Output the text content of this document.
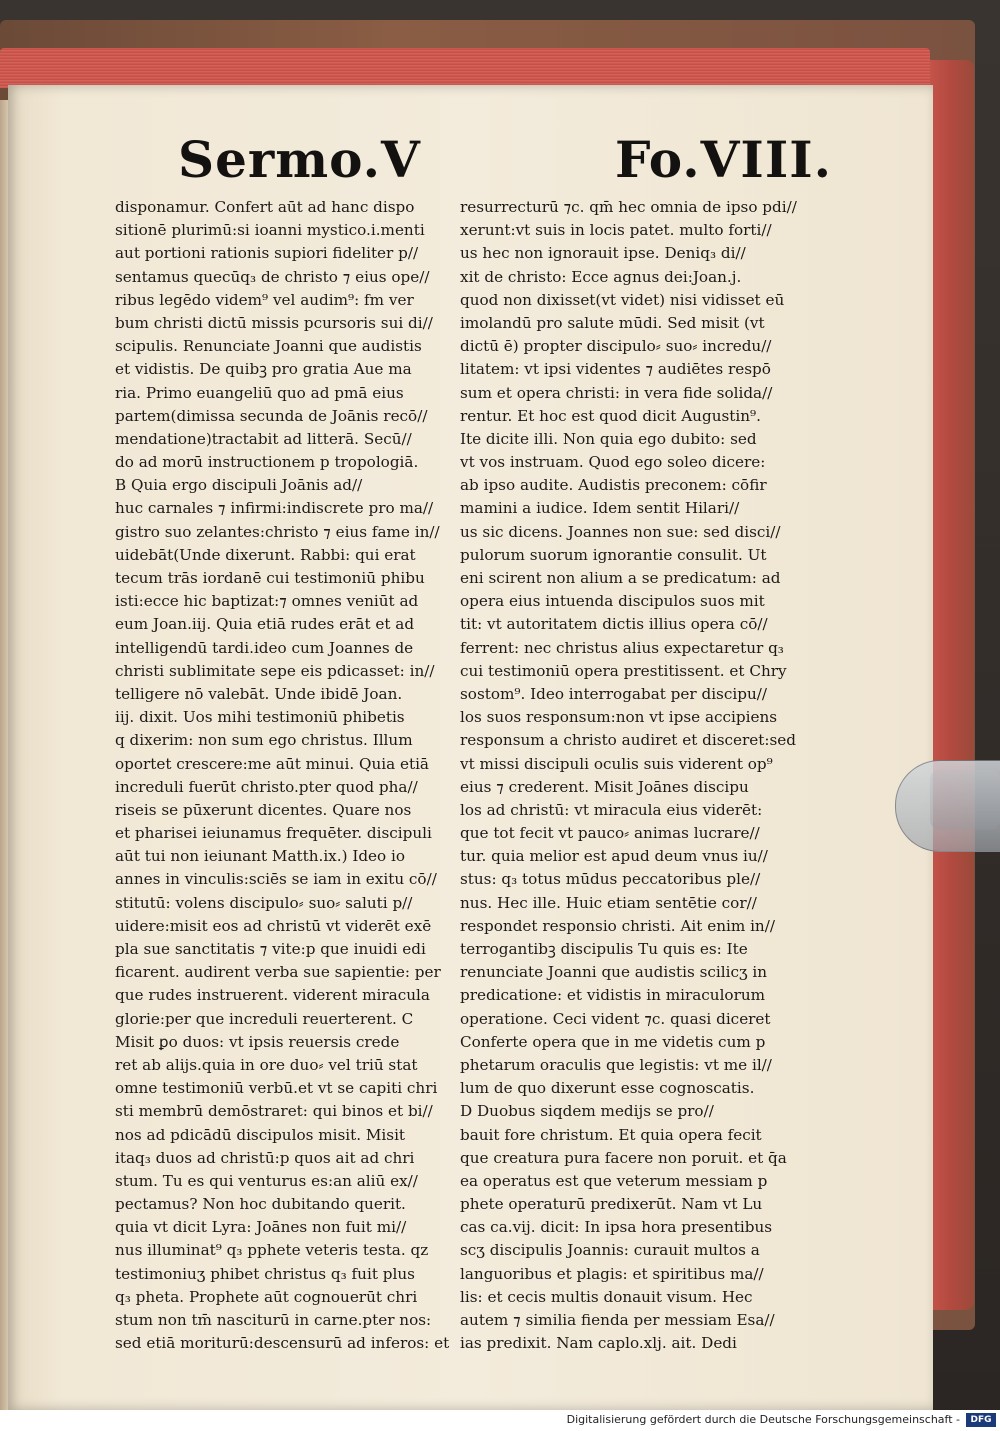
Sermo.V	Fo.VIII.
disponamur. Confert aūt ad hanc dispo
sitionē plurimū:si ioanni mystico.i.menti
aut portioni rationis supiori fideliter p//
sentamus quecūq₃ de christo ⁊ eius ope//
ribus legēdo videm⁹ vel audim⁹: fm ver
bum christi dictū missis pcursoris sui di//
scipulis. Renunciate Joanni que audistis
et vidistis. De quibꝫ pro gratia Aue ma
ria. Primo euangeliū quo ad pmā eius
partem(dimissa secunda de Joānis recō//
mendatione)tractabit ad litterā. Secū//
do ad morū instructionem p tropologiā.
B Quia ergo discipuli Joānis ad//
huc carnales ⁊ infirmi:indiscrete pro ma//
gistro suo zelantes:christo ⁊ eius fame in//
uidebāt(Unde dixerunt. Rabbi: qui erat
tecum trās iordanē cui testimoniū phibu
isti:ecce hic baptizat:⁊ omnes veniūt ad
eum Joan.iij. Quia etiā rudes erāt et ad
intelligendū tardi.ideo cum Joannes de
christi sublimitate sepe eis pdicasset: in//
telligere nō valebāt. Unde ibidē Joan.
iij. dixit. Uos mihi testimoniū phibetis
q dixerim: non sum ego christus. Illum
oportet crescere:me aūt minui. Quia etiā
increduli fuerūt christo.pter quod pha//
riseis se pūxerunt dicentes. Quare nos
et pharisei ieiunamus frequēter. discipuli
aūt tui non ieiunant Matth.ix.) Ideo io
annes in vinculis:sciēs se iam in exitu cō//
stitutū: volens discipulo⸗ suo⸗ saluti p//
uidere:misit eos ad christū vt viderēt exē
pla sue sanctitatis ⁊ vite:p que inuidi edi
ficarent. audirent verba sue sapientie: per
que rudes instruerent. viderent miracula
glorie:per que increduli reuerterent. C
Misit ꝑo duos: vt ipsis reuersis crede
ret ab alijs.quia in ore duo⸗ vel triū stat
omne testimoniū verbū.et vt se capiti chri
sti membrū demōstraret: qui binos et bi//
nos ad pdicādū discipulos misit. Misit
itaq₃ duos ad christū:p quos ait ad chri
stum. Tu es qui venturus es:an aliū ex//
pectamus? Non hoc dubitando querit.
quia vt dicit Lyra: Joānes non fuit mi//
nus illuminat⁹ q₃ pphete veteris testa. qz
testimoniuʒ phibet christus q₃ fuit plus
q₃ pheta. Prophete aūt cognouerūt chri
stum non tm̄ nasciturū in carne.pter nos:
sed etiā moriturū:descensurū ad inferos: et
resurrecturū ⁊c. qm̄ hec omnia de ipso pdi//
xerunt:vt suis in locis patet. multo forti//
us hec non ignorauit ipse. Deniq₃ di//
xit de christo: Ecce agnus dei:Joan.j.
quod non dixisset(vt videt) nisi vidisset eū
imolandū pro salute mūdi. Sed misit (vt
dictū ē) propter discipulo⸗ suo⸗ incredu//
litatem: vt ipsi videntes ⁊ audiētes respō
sum et opera christi: in vera fide solida//
rentur. Et hoc est quod dicit Augustin⁹.
Ite dicite illi. Non quia ego dubito: sed
vt vos instruam. Quod ego soleo dicere:
ab ipso audite. Audistis preconem: cōfir
mamini a iudice. Idem sentit Hilari//
us sic dicens. Joannes non sue: sed disci//
pulorum suorum ignorantie consulit. Ut
eni scirent non alium a se predicatum: ad
opera eius intuenda discipulos suos mit
tit: vt autoritatem dictis illius opera cō//
ferrent: nec christus alius expectaretur q₃
cui testimoniū opera prestitissent. et Chry
sostom⁹. Ideo interrogabat per discipu//
los suos responsum:non vt ipse accipiens
responsum a christo audiret et disceret:sed
vt missi discipuli oculis suis viderent op⁹
eius ⁊ crederent. Misit Joānes discipu
los ad christū: vt miracula eius viderēt:
que tot fecit vt pauco⸗ animas lucrare//
tur. quia melior est apud deum vnus iu//
stus: q₃ totus mūdus peccatoribus ple//
nus. Hec ille. Huic etiam sentētie cor//
respondet responsio christi. Ait enim in//
terrogantibꝫ discipulis Tu quis es: Ite
renunciate Joanni que audistis scilicʒ in
predicatione: et vidistis in miraculorum
operatione. Ceci vident ⁊c. quasi diceret
Conferte opera que in me videtis cum p
phetarum oraculis que legistis: vt me il//
lum de quo dixerunt esse cognoscatis.
D Duobus siqdem medijs se pro//
bauit fore christum. Et quia opera fecit
que creatura pura facere non poruit. et q̄a
ea operatus est que veterum messiam p
phete operaturū predixerūt. Nam vt Lu
cas ca.vij. dicit: In ipsa hora presentibus
scʒ discipulis Joannis: curauit multos a
languoribus et plagis: et spiritibus ma//
lis: et cecis multis donauit visum. Hec
autem ⁊ similia fienda per messiam Esa//
ias predixit. Nam caplo.xlj. ait. Dedi
Digitalisierung gefördert durch die Deutsche Forschungsgemeinschaft -	DFG
